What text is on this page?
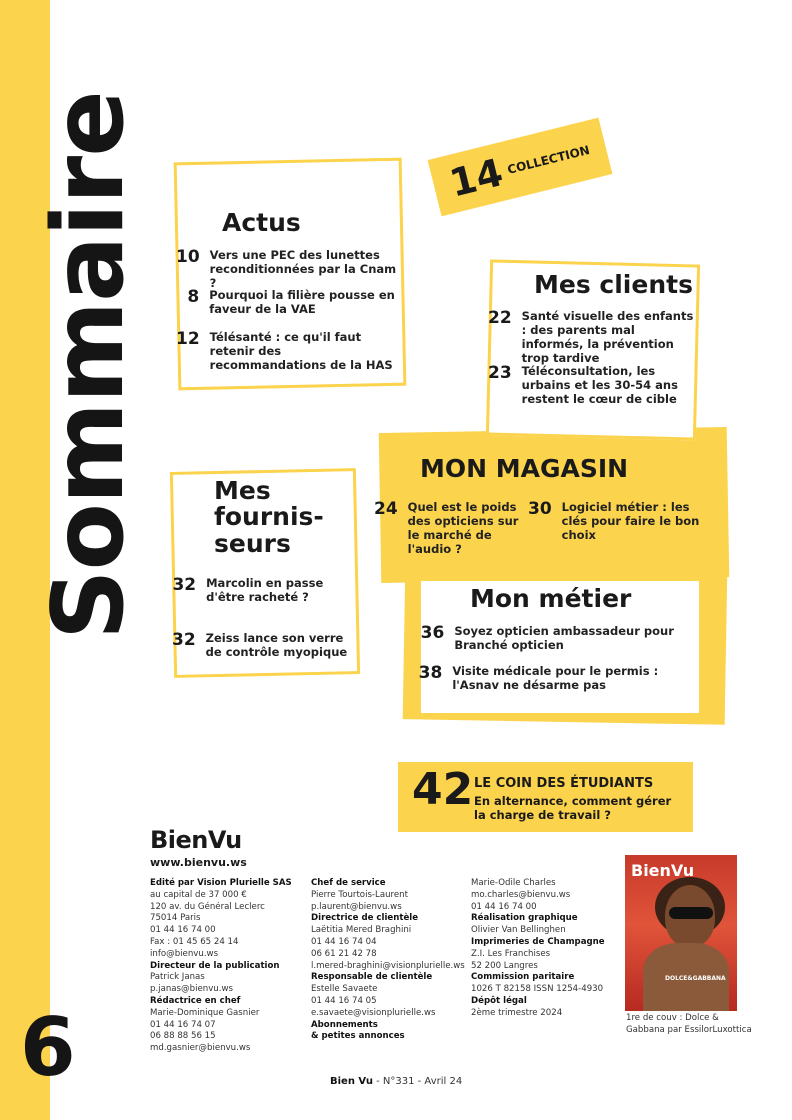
Sommaire
6
14
COLLECTION
Actus
10 Vers une PEC des lunettes reconditionnées par la Cnam ?
8 Pourquoi la filière pousse en faveur de la VAE
12 Télésanté : ce qu'il faut retenir des recommandations de la HAS
Mes clients
22 Santé visuelle des enfants : des parents mal informés, la prévention trop tardive
23 Téléconsultation, les urbains et les 30-54 ans restent le cœur de cible
MON MAGASIN
24 Quel est le poids des opticiens sur le marché de l'audio ?
30 Logiciel métier : les clés pour faire le bon choix
Mes
fournis-
seurs
32 Marcolin en passe d'être racheté ?
32 Zeiss lance son verre de contrôle myopique
Mon métier
36 Soyez opticien ambassadeur pour Branché opticien
38 Visite médicale pour le permis : l'Asnav ne désarme pas
42 LE COIN DES ÉTUDIANTS
En alternance, comment gérer la charge de travail ?
BienVu
www.bienvu.ws
Edité par Vision Plurielle SAS
au capital de 37 000 €
120 av. du Général Leclerc
75014 Paris
01 44 16 74 00
Fax : 01 45 65 24 14
info@bienvu.ws
Directeur de la publication
Patrick Janas
p.janas@bienvu.ws
Rédactrice en chef
Marie-Dominique Gasnier
01 44 16 74 07
06 88 88 56 15
md.gasnier@bienvu.ws
Chef de service
Pierre Tourtois-Laurent
p.laurent@bienvu.ws
Directrice de clientèle
Laëtitia Mered Braghini
01 44 16 74 04
06 61 21 42 78
l.mered-braghini@visionplurielle.ws
Responsable de clientèle
Estelle Savaete
01 44 16 74 05
e.savaete@visionplurielle.ws
Abonnements
& petites annonces
Marie-Odile Charles
mo.charles@bienvu.ws
01 44 16 74 00
Réalisation graphique
Olivier Van Bellinghen
Imprimeries de Champagne
Z.I. Les Franchises
52 200 Langres
Commission paritaire
1026 T 82158 ISSN 1254-4930
Dépôt légal
2ème trimestre 2024
BienVu
DOLCE&GABBANA
1re de couv : Dolce & Gabbana par EssilorLuxottica
Bien Vu - N°331 - Avril 24
